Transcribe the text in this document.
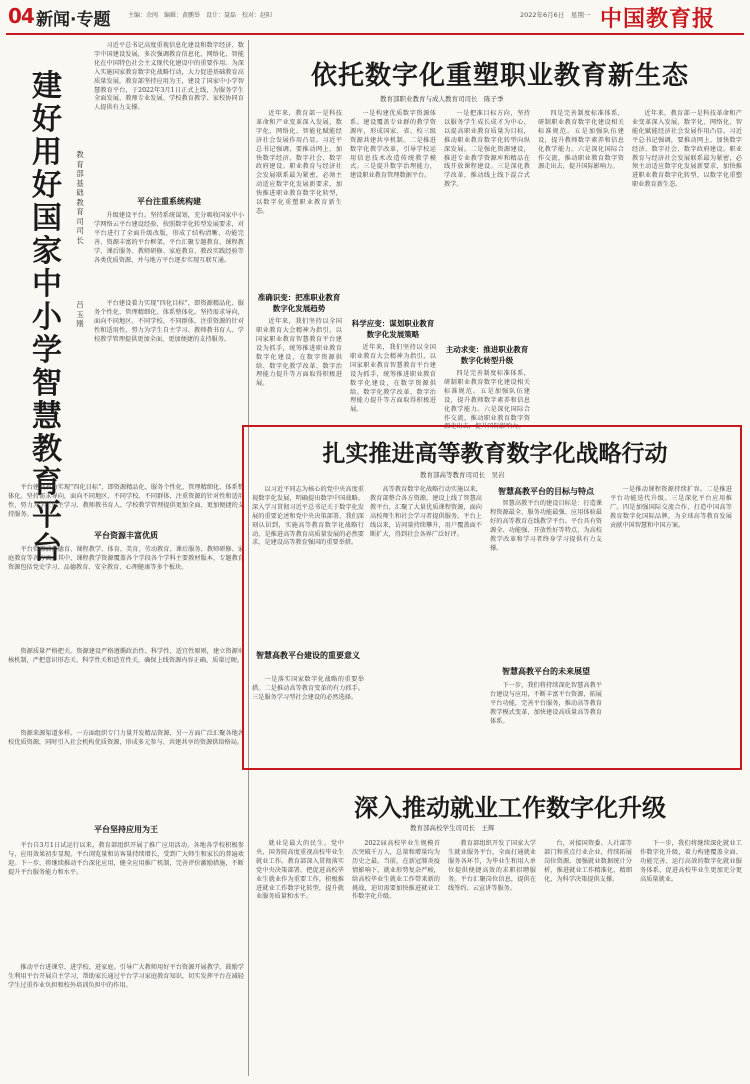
04 新闻·专题	主编：余闯　编辑：黄鹏举　设计：聂磊　校对：赵阳	2022年6月6日　星期一 中国教育报
建好用好国家中小学智慧教育平台
教育部基础教育司司长
吕玉刚
习近平总书记高度重视信息化建设和数字经济、数字中国建设发展，多次强调教育信息化、网络化、智能化在中国特色社会主义现代化建设中的重要作用。为深入实施国家教育数字化战略行动，大力促进基础教育高质量发展，教育部坚持应用为王，建设了国家中小学智慧教育平台，于2022年3月1日正式上线，为服务学生全面发展、教师专业发展、学校教育教学、家校协同育人提供有力支撑。
平台注重系统构建
升级建设平台。坚持系统谋划，充分吸收国家中小学网络云平台建设经验，按照数字化转型发展要求，对平台进行了全面升级改版，形成了结构清晰、功能完善、资源丰富的平台框架。平台汇聚专题教育、课程教学、课后服务、教师研修、家庭教育、教改实践经验等各类优质资源，并与地方平台逐步实现互联互通。
平台建设着力实现“四化目标”，即资源精品化、服务个性化、管理精细化、体系整体化。坚持需求导向，面向不同地区、不同学校、不同群体，注重资源的针对性和适用性，努力为学生自主学习、教师教书育人、学校教学管理提供更加全面、更加便捷的支持服务。
平台建设着力实现“四化目标”，即资源精品化、服务个性化、管理精细化、体系整体化。坚持需求导向，面向不同地区、不同学校、不同群体，注重资源的针对性和适用性，努力为学生自主学习、教师教书育人、学校教学管理提供更加全面、更加便捷的支持服务。
平台资源丰富优质
平台资源涵盖德育、课程教学、体育、美育、劳动教育、课后服务、教师研修、家庭教育等各方面。其中，课程教学资源覆盖各个学段各个学科主要教材版本，专题教育资源包括党史学习、品德教育、安全教育、心理健康等多个板块。
资源质量严格把关。资源建设严格遵循政治性、科学性、适宜性原则，建立资源审核机制，严把意识形态关、科学性关和适宜性关，确保上线资源内容正确、质量过硬。
资源来源渠道多样。一方面组织专门力量开发精品资源，另一方面广泛汇聚各地各校优质资源，同时引入社会机构优质资源，形成多元参与、共建共享的资源供给格局。
平台坚持应用为王
平台自3月1日试运行以来，教育部组织开展了推广应用活动，各地各学校积极参与，应用效果初步显现。平台浏览量和访客量持续增长，受到广大师生和家长的普遍欢迎。下一步，将继续推动平台深化应用，健全应用推广机制，完善评价激励措施，不断提升平台服务能力和水平。
推动平台进课堂、进学校、进家庭。引导广大教师用好平台资源开展教学，鼓励学生利用平台开展自主学习，帮助家长通过平台学习家庭教育知识，切实发挥平台在减轻学生过重作业负担和校外培训负担中的作用。
依托数字化重塑职业教育新生态
教育部职业教育与成人教育司司长　陈子季
近年来，教育部一是科技革命和产业变革深入发展，数字化、网络化、智能化赋能经济社会发展作用凸显。习近平总书记强调，要推动网上、加快数字经济、数字社会、数字政府建设。职业教育与经济社会发展联系最为紧密，必须主动适应数字化发展新要求，加快推进职业教育数字化转型，以数字化重塑职业教育新生态。
准确识变：把准职业教育数字化发展趋势
近年来，我们坚持以全国职业教育大会精神为指引，以国家职业教育智慧教育平台建设为抓手，统筹推进职业教育数字化建设，在数字资源供给、数字化教学改革、数字治理能力提升等方面取得积极进展。
一是构建优质数字资源体系。建设覆盖专业群的教学资源库，形成国家、省、校三级资源共建共享机制。二是推进数字化教学改革，引导学校运用信息技术改造传统教学模式。三是提升数字治理能力，建设职业教育管理数据平台。
科学应变：谋划职业教育数字化发展策略
近年来，我们坚持以全国职业教育大会精神为指引，以国家职业教育智慧教育平台建设为抓手，统筹推进职业教育数字化建设，在数字资源供给、数字化教学改革、数字治理能力提升等方面取得积极进展。
一是把准目标方向，坚持以服务学生成长成才为中心，以提高职业教育质量为目标，推动职业教育数字化转型向纵深发展。二是强化资源建设，推进专业教学资源库和精品在线开放课程建设。三是深化教学改革，推动线上线下混合式教学。
主动求变：推进职业教育数字化转型升级
四是完善制度标准体系，研制职业教育数字化建设相关标准规范。五是加强队伍建设，提升教师数字素养和信息化教学能力。六是深化国际合作交流，推动职业教育数字资源走出去，提升国际影响力。
四是完善制度标准体系，研制职业教育数字化建设相关标准规范。五是加强队伍建设，提升教师数字素养和信息化教学能力。六是深化国际合作交流，推动职业教育数字资源走出去，提升国际影响力。
近年来，教育部一是科技革命和产业变革深入发展，数字化、网络化、智能化赋能经济社会发展作用凸显。习近平总书记强调，要推动网上、加快数字经济、数字社会、数字政府建设。职业教育与经济社会发展联系最为紧密，必须主动适应数字化发展新要求，加快推进职业教育数字化转型，以数字化重塑职业教育新生态。
扎实推进高等教育数字化战略行动
教育部高等教育司司长　吴岩
以习近平同志为核心的党中央高度重视数字化发展，明确提出数字中国战略。深入学习贯彻习近平总书记关于数字化发展的重要论述和党中央决策部署，我们深刻认识到，实施高等教育数字化战略行动，是推进高等教育高质量发展的必然要求，是建设高等教育强国的重要举措。
智慧高教平台建设的重要意义
一是落实国家数字化战略的重要举措。二是推动高等教育变革的有力抓手。三是服务学习型社会建设的必然选择。
高等教育数字化战略行动实施以来，教育部整合各方资源，建设上线了智慧高教平台，汇聚了大量优质课程资源，面向高校师生和社会学习者提供服务。平台上线以来，访问量持续攀升，用户覆盖面不断扩大，得到社会各界广泛好评。
智慧高教平台的目标与特点
智慧高教平台的建设目标是：打造课程资源最全、服务功能最强、应用体验最好的高等教育在线教学平台。平台具有资源全、功能强、开放性好等特点，为高校教学改革和学习者终身学习提供有力支撑。
智慧高教平台的未来展望
下一步，我们将持续深化智慧高教平台建设与应用，不断丰富平台资源，拓展平台功能，完善平台服务，推动高等教育教学模式变革，加快建设高质量高等教育体系。
一是推动课程资源持续扩容。二是推进平台功能迭代升级。三是深化平台应用推广。四是加强国际交流合作，打造中国高等教育数字化国际品牌，为全球高等教育发展贡献中国智慧和中国方案。
深入推动就业工作数字化升级
教育部高校学生司司长　王辉
就业是最大的民生。党中央、国务院高度重视高校毕业生就业工作。教育部深入贯彻落实党中央决策部署，把促进高校毕业生就业作为重要工作，积极推进就业工作数字化转型，提升就业服务质量和水平。
2022届高校毕业生规模首次突破千万人，总量和增量均为历史之最。当前，在新冠肺炎疫情影响下，就业形势复杂严峻，给高校毕业生就业工作带来新的挑战，迫切需要加快推进就业工作数字化升级。
教育部组织开发了国家大学生就业服务平台，全面打通就业服务各环节，为毕业生和用人单位提供便捷高效的求职招聘服务。平台汇聚岗位信息，提供在线签约、云宣讲等服务。
台，对接国资委、人社部等部门和重点行业企业，持续拓展岗位资源。加强就业数据统计分析，推进就业工作精准化、精细化，为科学决策提供支撑。
下一步，我们将继续深化就业工作数字化升级，着力构建覆盖全面、功能完善、运行高效的数字化就业服务体系，促进高校毕业生更加充分更高质量就业。
